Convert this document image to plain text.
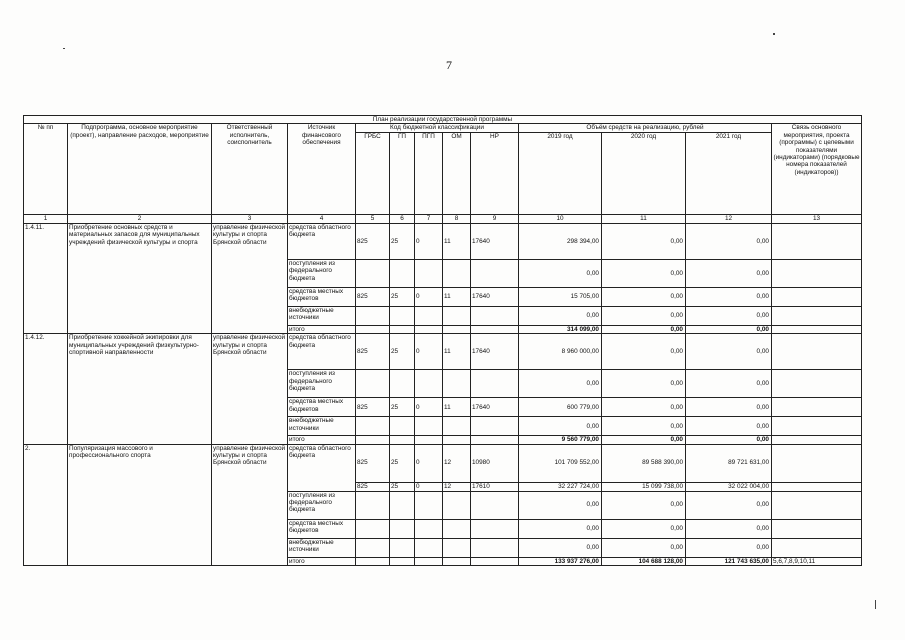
7
План реализации государственной программы												
№ пп	Подпрограмма, основное мероприятие (проект), направление расходов, мероприятие	Ответственный исполнитель, соисполнитель	Источник финансового обеспечения	Код бюджетной классификации					Объём средств на реализацию, рублей			Связь основного мероприятия, проекта (программы) с целевыми показателями (индикаторами) (порядковые номера показателей (индикаторов))
				ГРБС	ГП	ПГП	ОМ	НР	2019 год	2020 год	2021 год	
1	2	3	4	5	6	7	8	9	10	11	12	13
1.4.11.	Приобретение основных средств и материальных запасов для муниципальных учреждений физической культуры и спорта	управление физической культуры и спорта Брянской области	средства областного бюджета	825	25	0	11	17640	298 394,00	0,00	0,00	
			поступления из федерального бюджета						0,00	0,00	0,00	
			средства местных бюджетов	825	25	0	11	17640	15 705,00	0,00	0,00	
			внебюджетные источники						0,00	0,00	0,00	
			итого						314 099,00	0,00	0,00	
1.4.12.	Приобретение хоккейной экипировки для муниципальных учреждений физкультурно-спортивной направленности	управление физической культуры и спорта Брянской области	средства областного бюджета	825	25	0	11	17640	8 960 000,00	0,00	0,00	
			поступления из федерального бюджета						0,00	0,00	0,00	
			средства местных бюджетов	825	25	0	11	17640	600 779,00	0,00	0,00	
			внебюджетные источники						0,00	0,00	0,00	
			итого						9 560 779,00	0,00	0,00	
2.	Популяризация массового и профессионального спорта	управление физической культуры и спорта Брянской области	средства областного бюджета	825	25	0	12	10980	101 709 552,00	89 588 390,00	89 721 631,00	
				825	25	0	12	17610	32 227 724,00	15 099 738,00	32 022 004,00	
			поступления из федерального бюджета						0,00	0,00	0,00	
			средства местных бюджетов						0,00	0,00	0,00	
			внебюджетные источники						0,00	0,00	0,00	
			итого						133 937 276,00	104 688 128,00	121 743 635,00	5,6,7,8,9,10,11
